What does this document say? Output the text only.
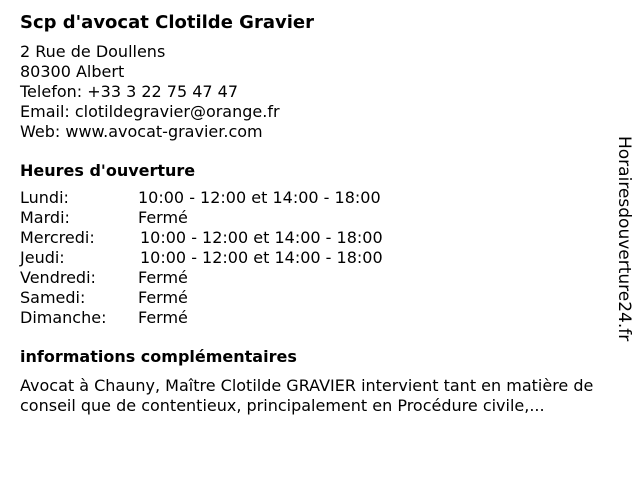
Scp d'avocat Clotilde Gravier
2 Rue de Doullens
80300 Albert
Telefon: +33 3 22 75 47 47
Email: clotildegravier@orange.fr
Web: www.avocat-gravier.com
Heures d'ouverture
Lundi:	10:00 - 12:00 et 14:00 - 18:00
Mardi:	Fermé
Mercredi:	10:00 - 12:00 et 14:00 - 18:00
Jeudi:	10:00 - 12:00 et 14:00 - 18:00
Vendredi:	Fermé
Samedi:	Fermé
Dimanche:	Fermé
informations complémentaires
Avocat à Chauny, Maître Clotilde GRAVIER intervient tant en matière de conseil que de contentieux, principalement en Procédure civile,...
Horairesdouverture24.fr
